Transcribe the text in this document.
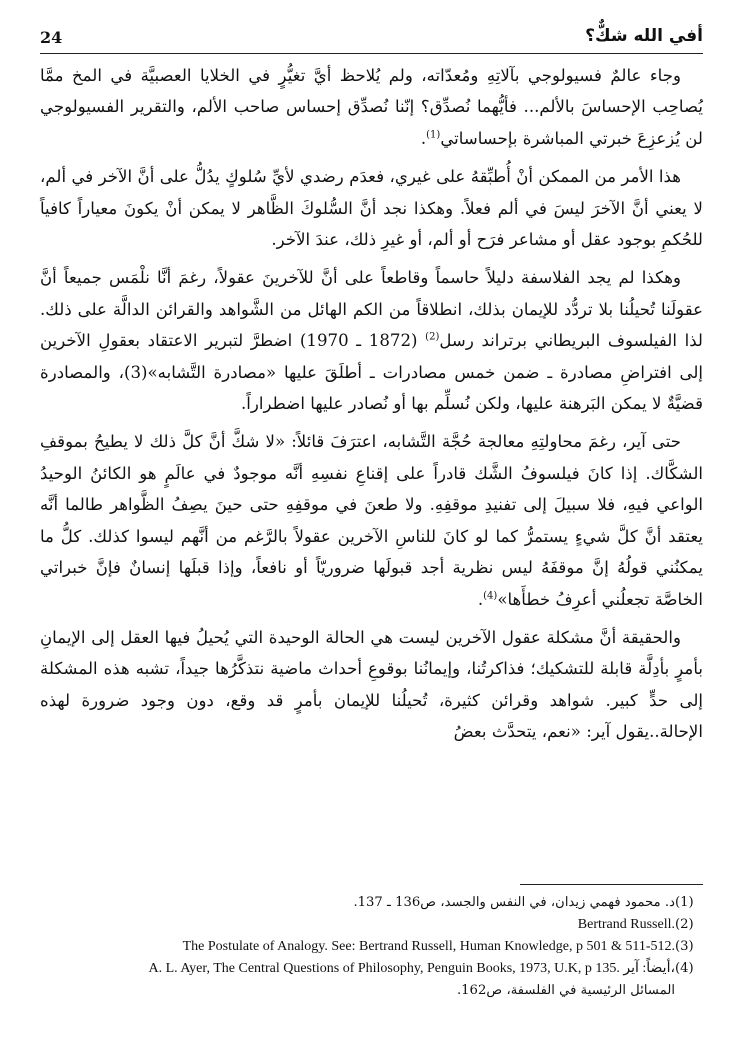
24	أفي الله شكٌّ؟

وجاء عالمٌ فسيولوجي بآلاتِهِ ومُعدّاته، ولم يُلاحظ أيَّ تغيُّرٍ في الخلايا العصبيَّة في المخ ممَّا يُصاحِب الإحساسَ بالألم... فأيُّهما نُصدِّق؟ إنّنا نُصدِّق إحساس صاحب الألم، والتقرير الفسيولوجي لن يُزعزِعَ خبرتي المباشرة بإحساساتي$^{(1)}$.

هذا الأمر من الممكن أنْ أُطبِّقهُ على غيري، فعدَم رضدي لأيِّ سُلوكٍ يدُلُّ على أنَّ الآخر في ألم، لا يعني أنَّ الآخرَ ليسَ في ألم فعلاً. وهكذا نجد أنَّ السُّلوكَ الظَّاهر لا يمكن أنْ يكونَ معياراً كافياً للحُكمِ بوجود عقل أو مشاعر فرَح أو ألم، أو غيرِ ذلك، عندَ الآخر.

وهكذا لم يجد الفلاسفة دليلاً حاسماً وقاطعاً على أنَّ للآخرينَ عقولاً، رغمَ أنَّا نلْمَس جميعاً أنَّ عقولَنا تُحيلُنا بلا تردُّد للإيمان بذلك، انطلاقاً من الكم الهائل من الشَّواهد والقرائن الدالَّة على ذلك. لذا الفيلسوف البريطاني برتراند رسل$^{(2)}$ (1872 ـ 1970) اضطرَّ لتبرير الاعتقاد بعقولِ الآخرين إلى افتراضِ مصادرة ـ ضمن خمس مصادرات ـ أطلَقَ عليها «مصادرة التَّشابه»(3)، والمصادرة قضيَّةٌ لا يمكن البَرهنة عليها، ولكن نُسلِّم بها أو نُصادر عليها اضطراراً.

حتى آير، رغمَ محاولتِهِ معالجة حُجَّة التَّشابه، اعترَفَ قائلاً: «لا شكَّ أنَّ كلَّ ذلك لا يطيحُ بموقفِ الشكَّاك. إذا كانَ فيلسوفُ الشَّك قادراً على إقناعِ نفسِهِ أنَّه موجودٌ في عالَمٍ هو الكائنُ الوحيدُ الواعي فيهِ، فلا سبيلَ إلى تفنيدِ موقفِهِ. ولا طعنَ في موقفِهِ حتى حينَ يصِفُ الظَّواهر طالما أنَّه يعتقد أنَّ كلَّ شيءٍ يستمرُّ كما لو كانَ للناسِ الآخرين عقولاً بالرَّغم من أنَّهم ليسوا كذلك. كلُّ ما يمكنُني قولُهُ إنَّ موقفَهُ ليس نظرية أجد قبولَها ضروريّاً أو نافعاً، وإذا قبلَها إنسانٌ فإنَّ خبراتي الخاصَّة تجعلُني أعرِفُ خطأَها»$^{(4)}$.

والحقيقة أنَّ مشكلة عقول الآخرين ليست هي الحالة الوحيدة التي يُحيلُ فيها العقل إلى الإيمانِ بأمرٍ بأدِلَّة قابلة للتشكيك؛ فذاكرتُنا، وإيمانُنا بوقوعِ أحداث ماضية نتذكَّرُها جيداً، تشبه هذه المشكلة إلى حدٍّ كبير. شواهد وقرائن كثيرة، تُحيلُنا للإيمان بأمرٍ قد وقع، دون وجود ضرورة لهذه الإحالة..يقول آير: «نعم، يتحدَّث بعضُ

(1)
د. محمود فهمي زيدان، في النفس والجسد، ص136 ـ 137.
(2)
Bertrand Russell.
(3)
The Postulate of Analogy. See: Bertrand Russell, Human Knowledge, p 501 & 511-512.
(4)
A. L. Ayer, The Central Questions of Philosophy, Penguin Books, 1973, U.K, p 135. أيضاً: آير،
المسائل الرئيسية في الفلسفة، ص162.
